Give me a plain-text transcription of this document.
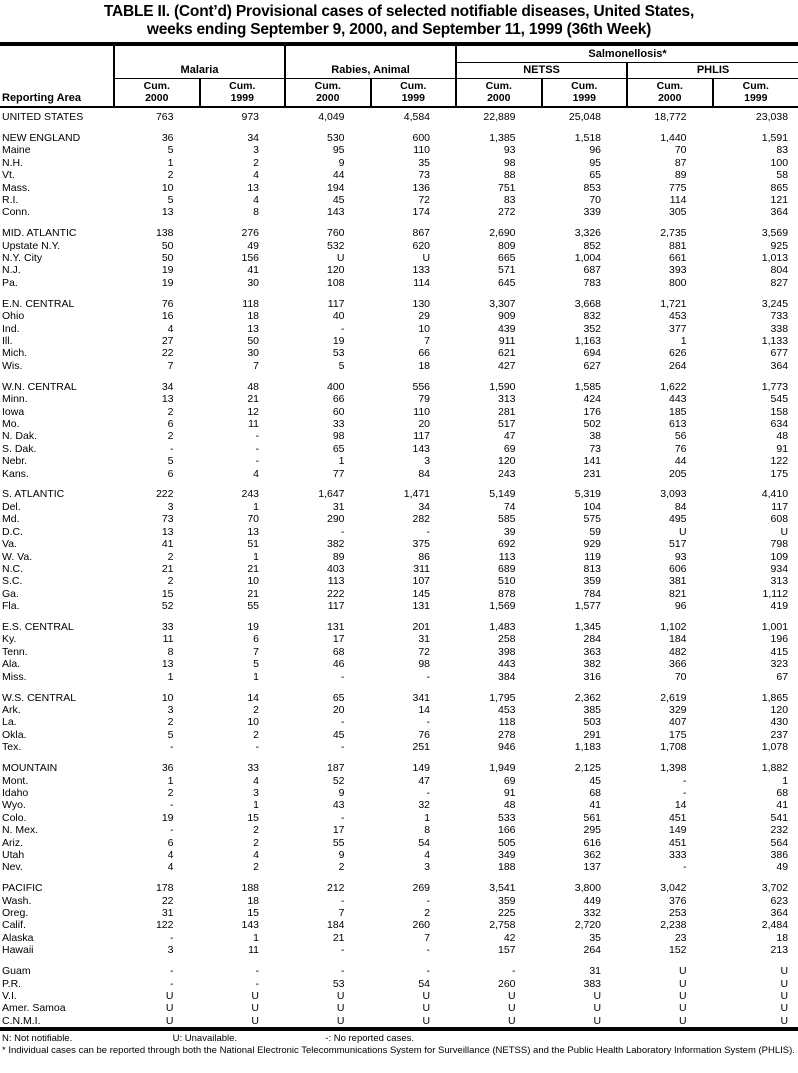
TABLE II. (Cont’d) Provisional cases of selected notifiable diseases, United States,
weeks ending September 9, 2000, and September 11, 1999 (36th Week)
Reporting Area	Malaria		Rabies, Animal		Salmonellosis*			
					NETSS		PHLIS	

Cum.
2000

Cum.
1999

Cum.
2000

Cum.
1999

Cum.
2000

Cum.
1999

Cum.
2000

Cum.
1999

UNITED STATES	763	973	4,049	4,584	22,889	25,048	18,772	23,038

NEW ENGLAND	36	34	530	600	1,385	1,518	1,440	1,591
Maine	5	3	95	110	93	96	70	83
N.H.	1	2	9	35	98	95	87	100
Vt.	2	4	44	73	88	65	89	58
Mass.	10	13	194	136	751	853	775	865
R.I.	5	4	45	72	83	70	114	121
Conn.	13	8	143	174	272	339	305	364

MID. ATLANTIC	138	276	760	867	2,690	3,326	2,735	3,569
Upstate N.Y.	50	49	532	620	809	852	881	925
N.Y. City	50	156	U	U	665	1,004	661	1,013
N.J.	19	41	120	133	571	687	393	804
Pa.	19	30	108	114	645	783	800	827

E.N. CENTRAL	76	118	117	130	3,307	3,668	1,721	3,245
Ohio	16	18	40	29	909	832	453	733
Ind.	4	13	-	10	439	352	377	338
Ill.	27	50	19	7	911	1,163	1	1,133
Mich.	22	30	53	66	621	694	626	677
Wis.	7	7	5	18	427	627	264	364

W.N. CENTRAL	34	48	400	556	1,590	1,585	1,622	1,773
Minn.	13	21	66	79	313	424	443	545
Iowa	2	12	60	110	281	176	185	158
Mo.	6	11	33	20	517	502	613	634
N. Dak.	2	-	98	117	47	38	56	48
S. Dak.	-	-	65	143	69	73	76	91
Nebr.	5	-	1	3	120	141	44	122
Kans.	6	4	77	84	243	231	205	175

S. ATLANTIC	222	243	1,647	1,471	5,149	5,319	3,093	4,410
Del.	3	1	31	34	74	104	84	117
Md.	73	70	290	282	585	575	495	608
D.C.	13	13	-	-	39	59	U	U
Va.	41	51	382	375	692	929	517	798
W. Va.	2	1	89	86	113	119	93	109
N.C.	21	21	403	311	689	813	606	934
S.C.	2	10	113	107	510	359	381	313
Ga.	15	21	222	145	878	784	821	1,112
Fla.	52	55	117	131	1,569	1,577	96	419

E.S. CENTRAL	33	19	131	201	1,483	1,345	1,102	1,001
Ky.	11	6	17	31	258	284	184	196
Tenn.	8	7	68	72	398	363	482	415
Ala.	13	5	46	98	443	382	366	323
Miss.	1	1	-	-	384	316	70	67

W.S. CENTRAL	10	14	65	341	1,795	2,362	2,619	1,865
Ark.	3	2	20	14	453	385	329	120
La.	2	10	-	-	118	503	407	430
Okla.	5	2	45	76	278	291	175	237
Tex.	-	-	-	251	946	1,183	1,708	1,078

MOUNTAIN	36	33	187	149	1,949	2,125	1,398	1,882
Mont.	1	4	52	47	69	45	-	1
Idaho	2	3	9	-	91	68	-	68
Wyo.	-	1	43	32	48	41	14	41
Colo.	19	15	-	1	533	561	451	541
N. Mex.	-	2	17	8	166	295	149	232
Ariz.	6	2	55	54	505	616	451	564
Utah	4	4	9	4	349	362	333	386
Nev.	4	2	2	3	188	137	-	49

PACIFIC	178	188	212	269	3,541	3,800	3,042	3,702
Wash.	22	18	-	-	359	449	376	623
Oreg.	31	15	7	2	225	332	253	364
Calif.	122	143	184	260	2,758	2,720	2,238	2,484
Alaska	-	1	21	7	42	35	23	18
Hawaii	3	11	-	-	157	264	152	213

Guam	-	-	-	-	-	31	U	U
P.R.	-	-	53	54	260	383	U	U
V.I.	U	U	U	U	U	U	U	U
Amer. Samoa	U	U	U	U	U	U	U	U
C.N.M.I.	U	U	U	U	U	U	U	U
N: Not notifiable.	U: Unavailable.	-: No reported cases.
* Individual cases can be reported through both the National Electronic Telecommunications System for Surveillance (NETSS) and the Public Health Laboratory Information System (PHLIS).
